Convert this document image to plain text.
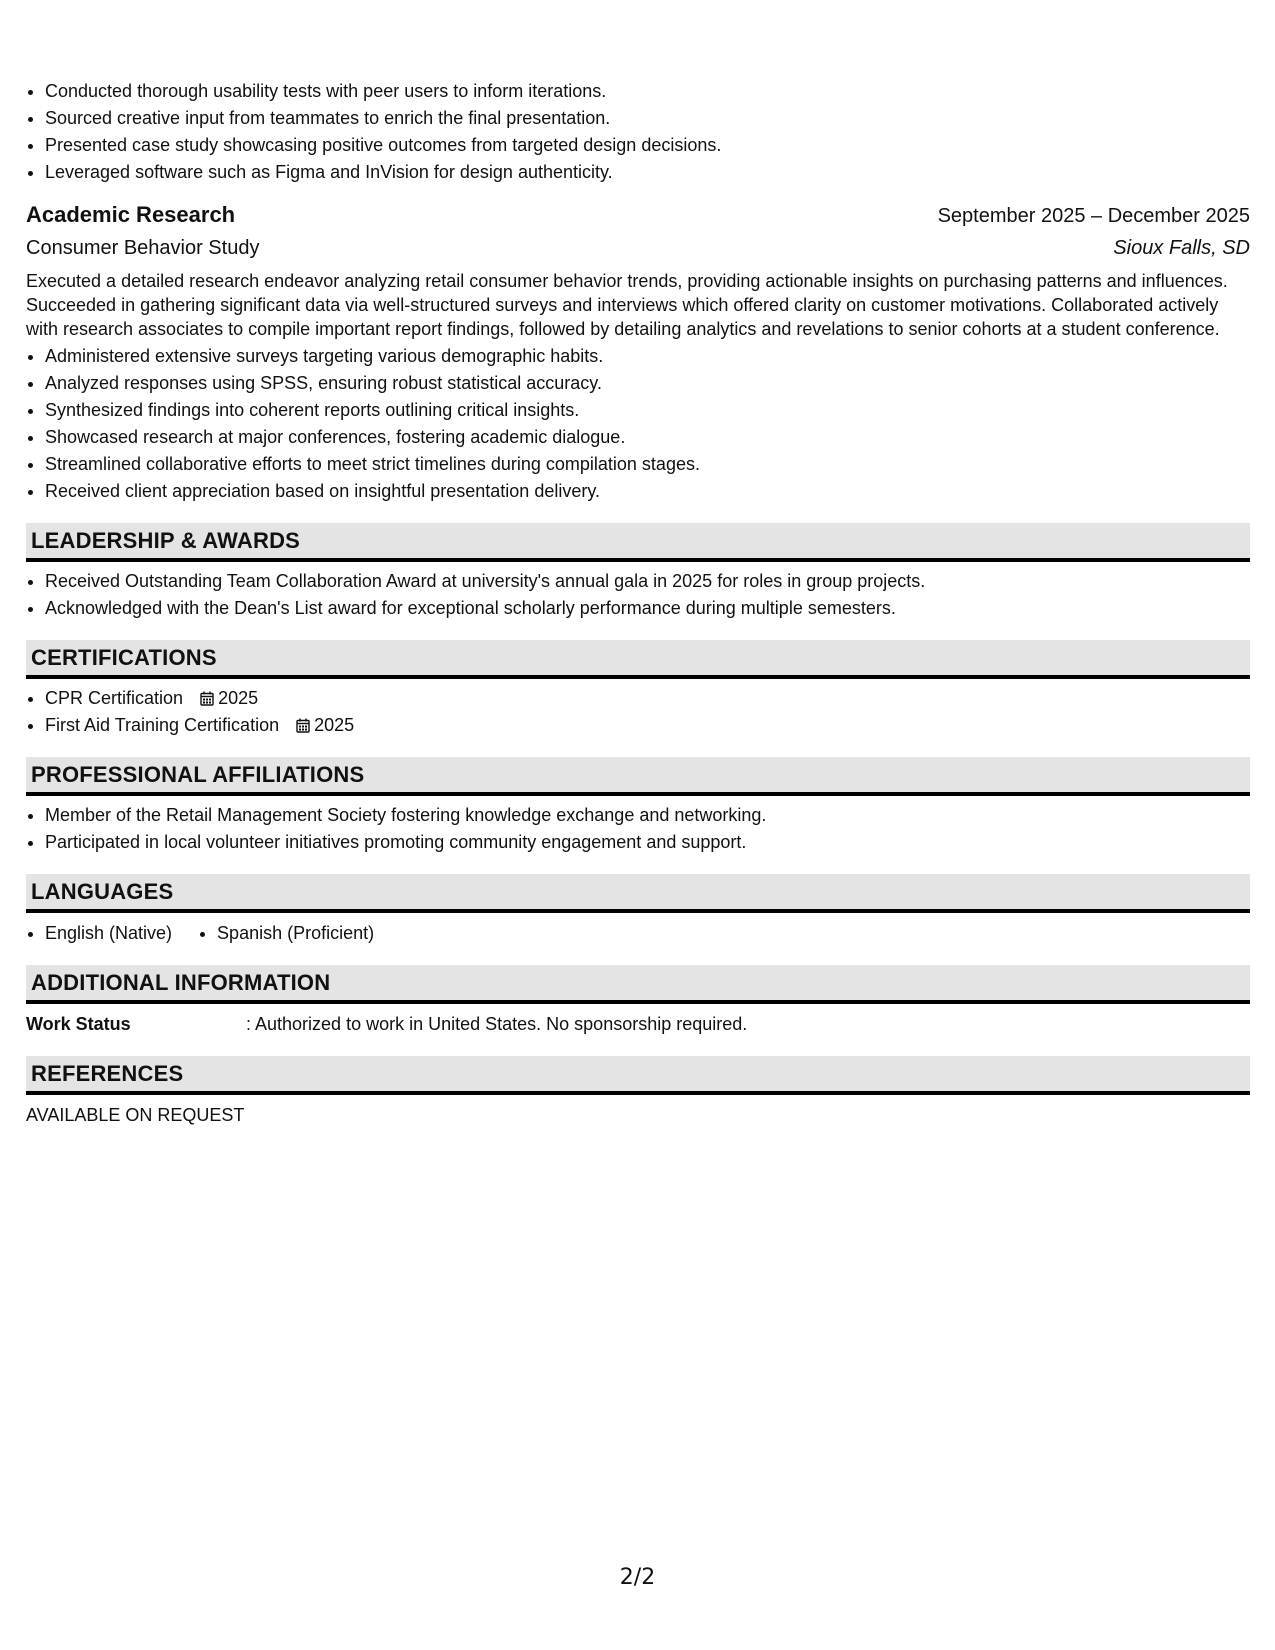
• Conducted thorough usability tests with peer users to inform iterations.
• Sourced creative input from teammates to enrich the final presentation.
• Presented case study showcasing positive outcomes from targeted design decisions.
• Leveraged software such as Figma and InVision for design authenticity.
Academic Research	September 2025 – December 2025
Consumer Behavior Study	Sioux Falls, SD
Executed a detailed research endeavor analyzing retail consumer behavior trends, providing actionable insights on purchasing patterns and influences. Succeeded in gathering significant data via well-structured surveys and interviews which offered clarity on customer motivations. Collaborated actively with research associates to compile important report findings, followed by detailing analytics and revelations to senior cohorts at a student conference.
• Administered extensive surveys targeting various demographic habits.
• Analyzed responses using SPSS, ensuring robust statistical accuracy.
• Synthesized findings into coherent reports outlining critical insights.
• Showcased research at major conferences, fostering academic dialogue.
• Streamlined collaborative efforts to meet strict timelines during compilation stages.
• Received client appreciation based on insightful presentation delivery.
LEADERSHIP & AWARDS
• Received Outstanding Team Collaboration Award at university's annual gala in 2025 for roles in group projects.
• Acknowledged with the Dean's List award for exceptional scholarly performance during multiple semesters.
CERTIFICATIONS
• CPR Certification 2025
• First Aid Training Certification 2025
PROFESSIONAL AFFILIATIONS
• Member of the Retail Management Society fostering knowledge exchange and networking.
• Participated in local volunteer initiatives promoting community engagement and support.
LANGUAGES
• English (Native)
•	Spanish (Proficient)
ADDITIONAL INFORMATION
Work Status	: Authorized to work in United States. No sponsorship required.
REFERENCES
AVAILABLE ON REQUEST
2/2
